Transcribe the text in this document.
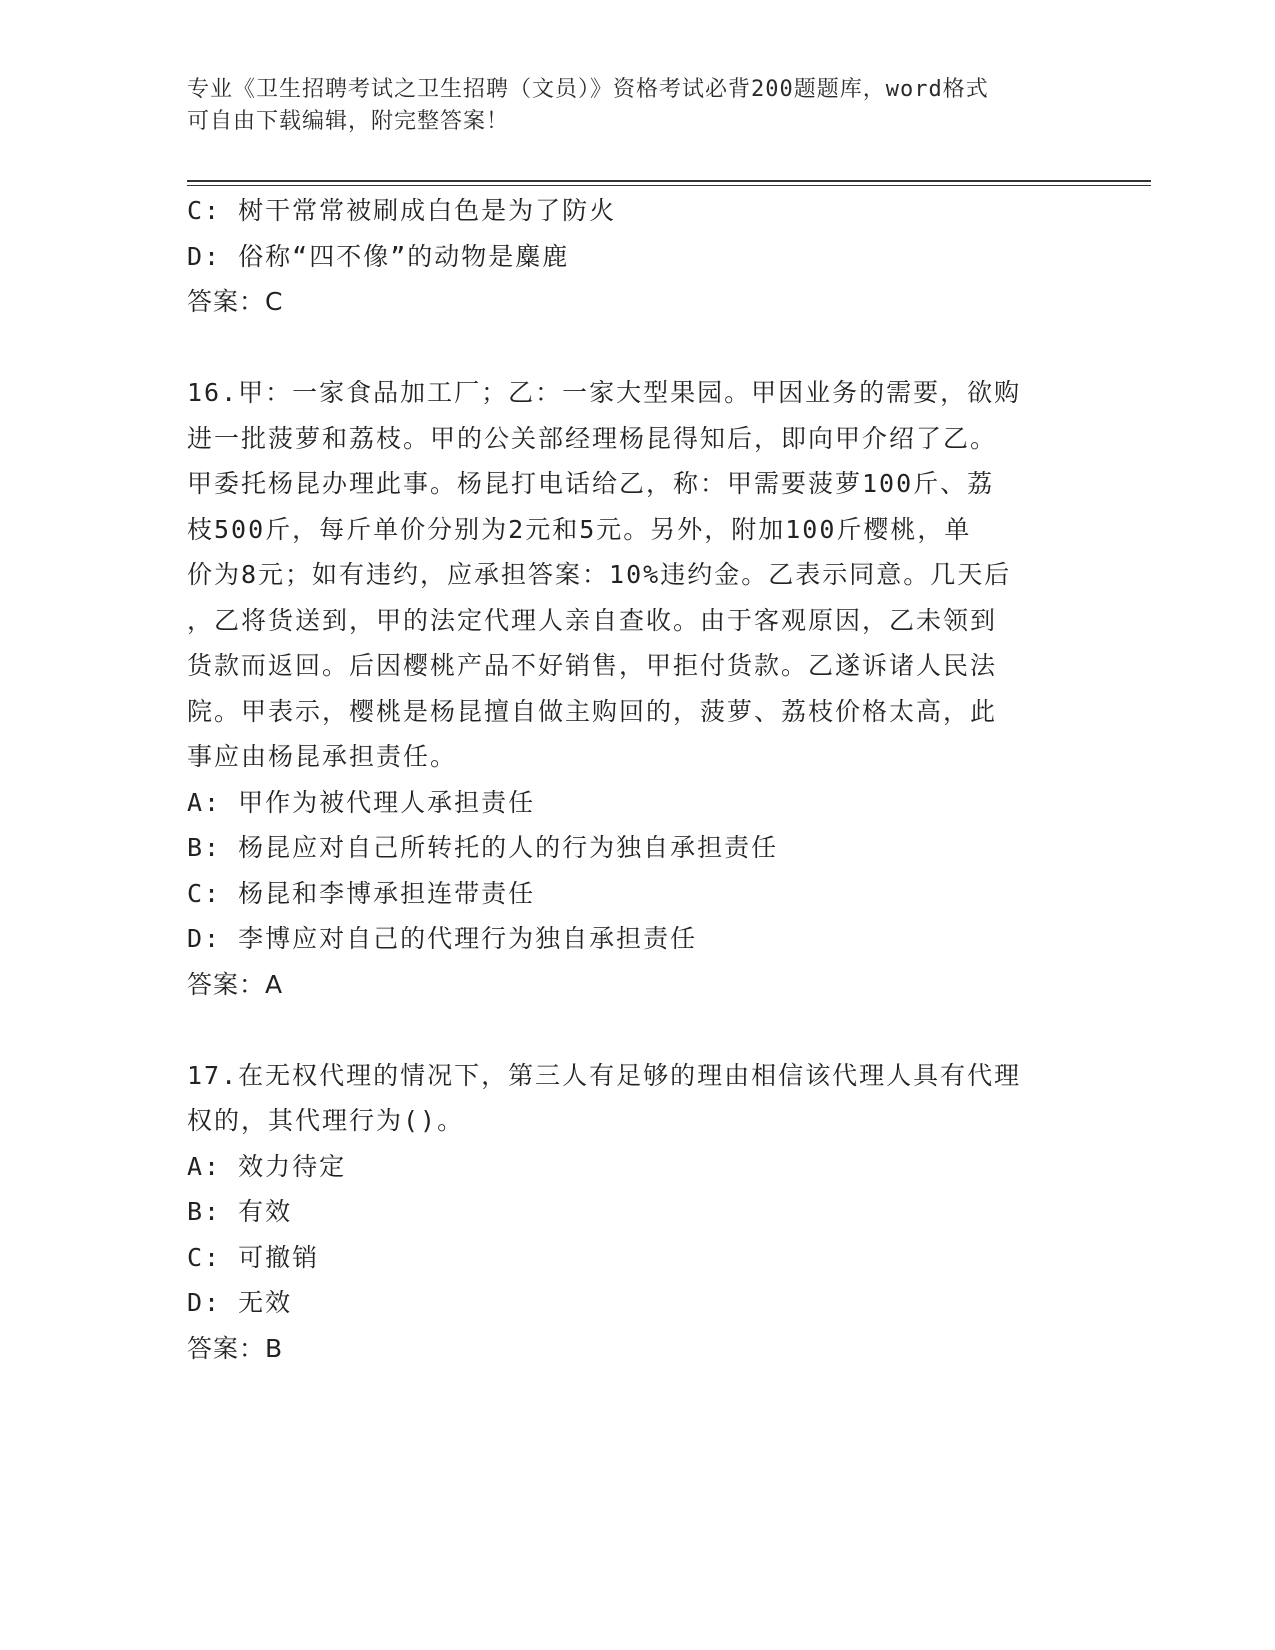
专业《卫生招聘考试之卫生招聘（文员）》资格考试必背200题题库，word格式
可自由下载编辑，附完整答案！
C: 树干常常被刷成白色是为了防火
D: 俗称“四不像”的动物是麋鹿
答案：C
16.甲：一家食品加工厂；乙：一家大型果园。甲因业务的需要，欲购
进一批菠萝和荔枝。甲的公关部经理杨昆得知后，即向甲介绍了乙。
甲委托杨昆办理此事。杨昆打电话给乙，称：甲需要菠萝100斤、荔
枝500斤，每斤单价分别为2元和5元。另外，附加100斤樱桃，单
价为8元；如有违约，应承担答案：10%违约金。乙表示同意。几天后
，乙将货送到，甲的法定代理人亲自查收。由于客观原因，乙未领到
货款而返回。后因樱桃产品不好销售，甲拒付货款。乙遂诉诸人民法
院。甲表示，樱桃是杨昆擅自做主购回的，菠萝、荔枝价格太高，此
事应由杨昆承担责任。
A: 甲作为被代理人承担责任
B: 杨昆应对自己所转托的人的行为独自承担责任
C: 杨昆和李博承担连带责任
D: 李博应对自己的代理行为独自承担责任
答案：A
17.在无权代理的情况下，第三人有足够的理由相信该代理人具有代理
权的，其代理行为()。
A: 效力待定
B: 有效
C: 可撤销
D: 无效
答案：B
